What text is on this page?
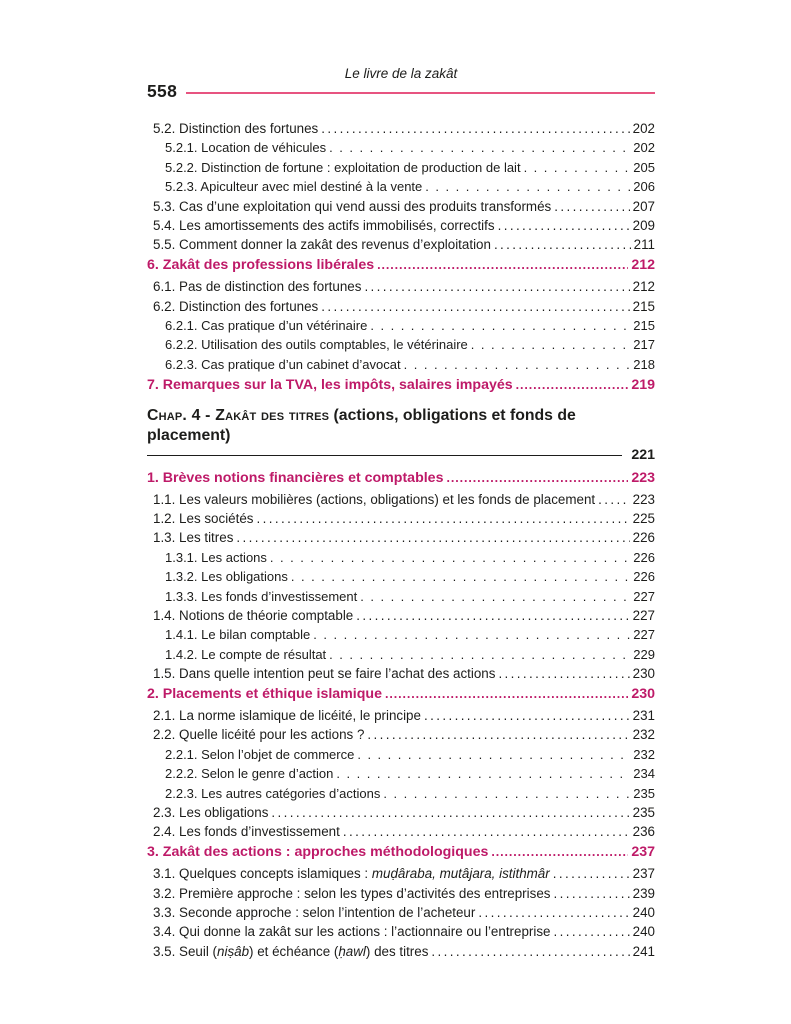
Le livre de la zakât
558
5.2. Distinction des fortunes .....	202
5.2.1. Location de véhicules .....	202
5.2.2. Distinction de fortune : exploitation de production de lait .....	205
5.2.3. Apiculteur avec miel destiné à la vente .....	206
5.3. Cas d’une exploitation qui vend aussi des produits transformés .....	207
5.4. Les amortissements des actifs immobilisés, correctifs .....	209
5.5. Comment donner la zakât des revenus d’exploitation .....	211
6. Zakât des professions libérales .....	212
6.1. Pas de distinction des fortunes .....	212
6.2. Distinction des fortunes .....	215
6.2.1. Cas pratique d’un vétérinaire .....	215
6.2.2. Utilisation des outils comptables, le vétérinaire .....	217
6.2.3. Cas pratique d’un cabinet d’avocat .....	218
7. Remarques sur la TVA, les impôts, salaires impayés .....	219
Chap. 4 - Zakât des titres (actions, obligations et fonds de placement)
221
1. Brèves notions financières et comptables .....	223
1.1. Les valeurs mobilières (actions, obligations) et les fonds de placement .....	223
1.2. Les sociétés .....	225
1.3. Les titres .....	226
1.3.1. Les actions .....	226
1.3.2. Les obligations .....	226
1.3.3. Les fonds d’investissement .....	227
1.4. Notions de théorie comptable .....	227
1.4.1. Le bilan comptable .....	227
1.4.2. Le compte de résultat .....	229
1.5. Dans quelle intention peut se faire l’achat des actions .....	230
2. Placements et éthique islamique .....	230
2.1. La norme islamique de licéité, le principe .....	231
2.2. Quelle licéité pour les actions ? .....	232
2.2.1. Selon l’objet de commerce .....	232
2.2.2. Selon le genre d’action .....	234
2.2.3. Les autres catégories d’actions .....	235
2.3. Les obligations .....	235
2.4. Les fonds d’investissement .....	236
3. Zakât des actions : approches méthodologiques .....	237
3.1. Quelques concepts islamiques : muḍâraba, mutâjara, istithmâr .....	237
3.2. Première approche : selon les types d’activités des entreprises .....	239
3.3. Seconde approche : selon l’intention de l’acheteur .....	240
3.4. Qui donne la zakât sur les actions : l’actionnaire ou l’entreprise .....	240
3.5. Seuil (niṣâb) et échéance (ḥawl) des titres .....	241
